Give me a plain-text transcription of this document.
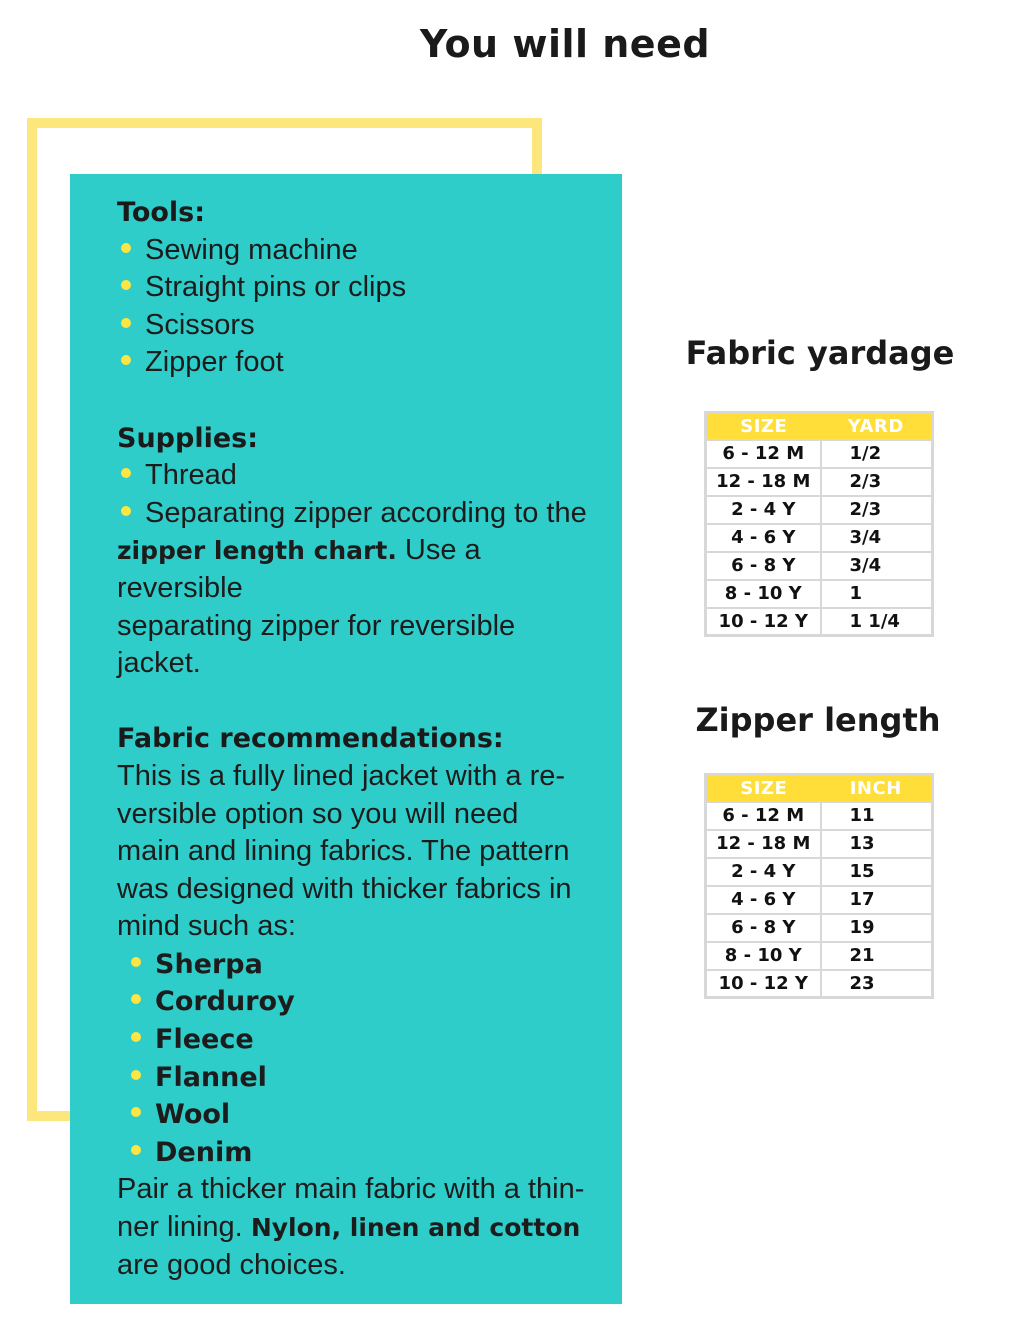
You will need
Tools:
Sewing machine
Straight pins or clips
Scissors
Zipper foot
Supplies:
Thread
Separating zipper according to the
zipper length chart. Use a reversible
separating zipper for reversible
jacket.
Fabric recommendations:
This is a fully lined jacket with a re-
versible option so you will need
main and lining fabrics. The pattern
was designed with thicker fabrics in
mind such as:
Sherpa
Corduroy
Fleece
Flannel
Wool
Denim
Pair a thicker main fabric with a thin-
ner lining. Nylon, linen and cotton
are good choices.
Fabric yardage
SIZE	YARD
6 - 12 M	1/2
12 - 18 M	2/3
2 - 4 Y	2/3
4 - 6 Y	3/4
6 - 8 Y	3/4
8 - 10 Y	1
10 - 12 Y	1 1/4
Zipper length
SIZE	INCH
6 - 12 M	11
12 - 18 M	13
2 - 4 Y	15
4 - 6 Y	17
6 - 8 Y	19
8 - 10 Y	21
10 - 12 Y	23
